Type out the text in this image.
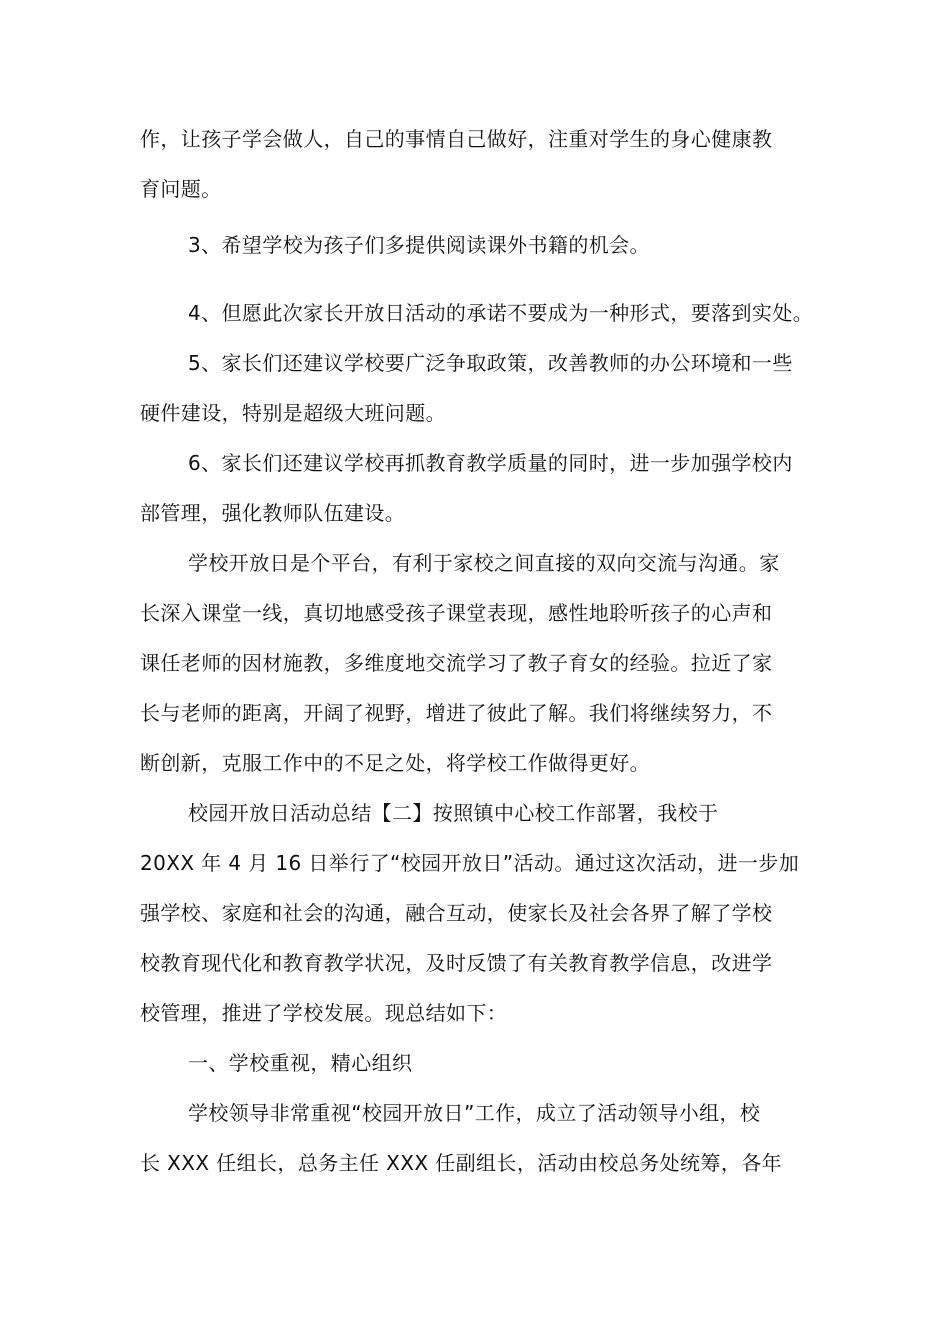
作，让孩子学会做人，自己的事情自己做好，注重对学生的身心健康教

育问题。

3、希望学校为孩子们多提供阅读课外书籍的机会。

4、但愿此次家长开放日活动的承诺不要成为一种形式，要落到实处。

5、家长们还建议学校要广泛争取政策，改善教师的办公环境和一些

硬件建设，特别是超级大班问题。

6、家长们还建议学校再抓教育教学质量的同时，进一步加强学校内

部管理，强化教师队伍建设。

学校开放日是个平台，有利于家校之间直接的双向交流与沟通。家

长深入课堂一线，真切地感受孩子课堂表现，感性地聆听孩子的心声和

课任老师的因材施教，多维度地交流学习了教子育女的经验。拉近了家

长与老师的距离，开阔了视野，增进了彼此了解。我们将继续努力，不

断创新，克服工作中的不足之处，将学校工作做得更好。

校园开放日活动总结【二】按照镇中心校工作部署，我校于

20XX 年 4 月 16 日举行了“校园开放日”活动。通过这次活动，进一步加

强学校、家庭和社会的沟通，融合互动，使家长及社会各界了解了学校

校教育现代化和教育教学状况，及时反馈了有关教育教学信息，改进学

校管理，推进了学校发展。现总结如下：

一、学校重视，精心组织

学校领导非常重视“校园开放日”工作，成立了活动领导小组，校

长 XXX 任组长，总务主任 XXX 任副组长，活动由校总务处统筹，各年
